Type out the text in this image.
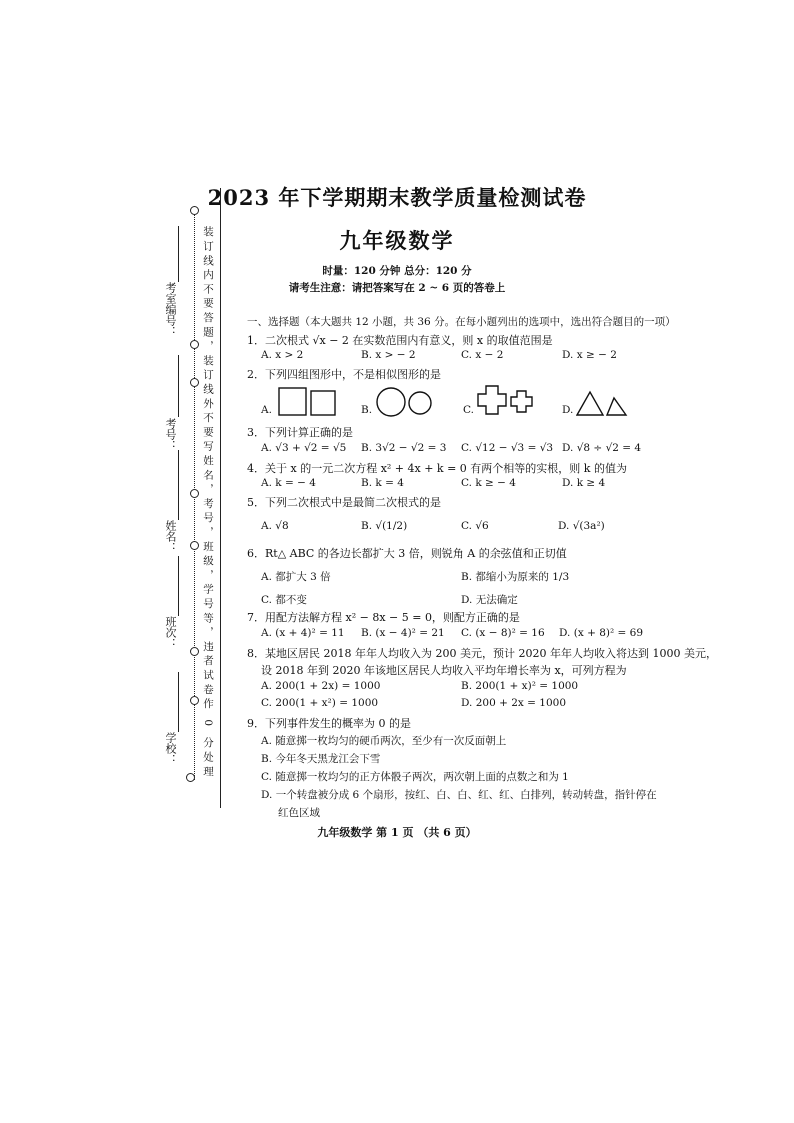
2023 年下学期期末教学质量检测试卷
九年级数学
时量：120 分钟 总分：120 分
请考生注意：请把答案写在 2 ~ 6 页的答卷上
装订线内不要答题，装订线外不要写姓名，考号，班级，学号等，违者试卷作 0 分处理
学校：
班次：
姓名：
考号：
考室编号：	一、选择题（本大题共 12 小题，共 36 分。在每小题列出的选项中，选出符合题目的一项）
1．二次根式 √x − 2 在实数范围内有意义，则 x 的取值范围是
A. x > 2	B. x > − 2	C. x − 2	D. x ≥ − 2
2．下列四组图形中，不是相似图形的是
A.	B.	C.	D.
3．下列计算正确的是
A. √3 + √2 = √5 B. 3√2 − √2 = 3 C. √12 − √3 = √3 D. √8 ÷ √2 = 4
4．关于 x 的一元二次方程 x² + 4x + k = 0 有两个相等的实根，则 k 的值为
A. k = − 4	B. k = 4	C. k ≥ − 4	D. k ≥ 4
5．下列二次根式中是最简二次根式的是
A. √8	B. √(1/2)	C. √6	D. √(3a²)
6．Rt△ ABC 的各边长都扩大 3 倍，则锐角 A 的余弦值和正切值
A. 都扩大 3 倍	B. 都缩小为原来的 1/3
C. 都不变	D. 无法确定
7．用配方法解方程 x² − 8x − 5 = 0，则配方正确的是
A. (x + 4)² = 11 B. (x − 4)² = 21 C. (x − 8)² = 16 D. (x + 8)² = 69
8．某地区居民 2018 年年人均收入为 200 美元，预计 2020 年年人均收入将达到 1000 美元，
设 2018 年到 2020 年该地区居民人均收入平均年增长率为 x，可列方程为
A. 200(1 + 2x) = 1000	B. 200(1 + x)² = 1000
C. 200(1 + x²) = 1000	D. 200 + 2x = 1000
9．下列事件发生的概率为 0 的是
A. 随意掷一枚均匀的硬币两次，至少有一次反面朝上
B. 今年冬天黑龙江会下雪
C. 随意掷一枚均匀的正方体骰子两次，两次朝上面的点数之和为 1
D. 一个转盘被分成 6 个扇形，按红、白、白、红、红、白排列，转动转盘，指针停在
红色区域
九年级数学 第 1 页 （共 6 页）
